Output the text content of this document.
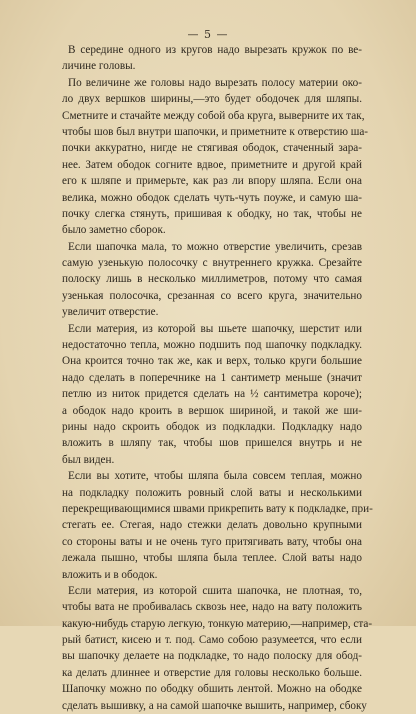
— 5 —
В середине одного из кругов надо вырезать кружок по ве-
личине головы.
По величине же головы надо вырезать полосу материи око-
ло двух вершков ширины,—это будет ободочек для шляпы.
Сметните и стачайте между собой оба круга, выверните их так,
чтобы шов был внутри шапочки, и приметните к отверстию ша-
почки аккуратно, нигде не стягивая ободок, стаченный зара-
нее. Затем ободок согните вдвое, приметните и другой край
его к шляпе и примерьте, как раз ли впору шляпа. Если она
велика, можно ободок сделать чуть-чуть поуже, и самую ша-
почку слегка стянуть, пришивая к ободку, но так, чтобы не
было заметно сборок.
Если шапочка мала, то можно отверстие увеличить, срезав
самую узенькую полосочку с внутреннего кружка. Срезайте
полоску лишь в несколько миллиметров, потому что самая
узенькая полосочка, срезанная со всего круга, значительно
увеличит отверстие.
Если материя, из которой вы шьете шапочку, шерстит или
недостаточно тепла, можно подшить под шапочку подкладку.
Она кроится точно так же, как и верх, только круги большие
надо сделать в поперечнике на 1 сантиметр меньше (значит
петлю из ниток придется сделать на ½ сантиметра короче);
а ободок надо кроить в вершок шириной, и такой же ши-
рины надо скроить ободок из подкладки. Подкладку надо
вложить в шляпу так, чтобы шов пришелся внутрь и не
был виден.
Если вы хотите, чтобы шляпа была совсем теплая, можно
на подкладку положить ровный слой ваты и несколькими
перекрещивающимися швами прикрепить вату к подкладке, при-
стегать ее. Стегая, надо стежки делать довольно крупными
со стороны ваты и не очень туго притягивать вату, чтобы она
лежала пышно, чтобы шляпа была теплее. Слой ваты надо
вложить и в ободок.
Если материя, из которой сшита шапочка, не плотная, то,
чтобы вата не пробивалась сквозь нее, надо на вату положить
какую-нибудь старую легкую, тонкую материю,—например, ста-
рый батист, кисею и т. под. Само собою разумеется, что если
вы шапочку делаете на подкладке, то надо полоску для обод-
ка делать длиннее и отверстие для головы несколько больше.
Шапочку можно по ободку обшить лентой. Можно на ободке
сделать вышивку, а на самой шапочке вышить, например, сбоку
